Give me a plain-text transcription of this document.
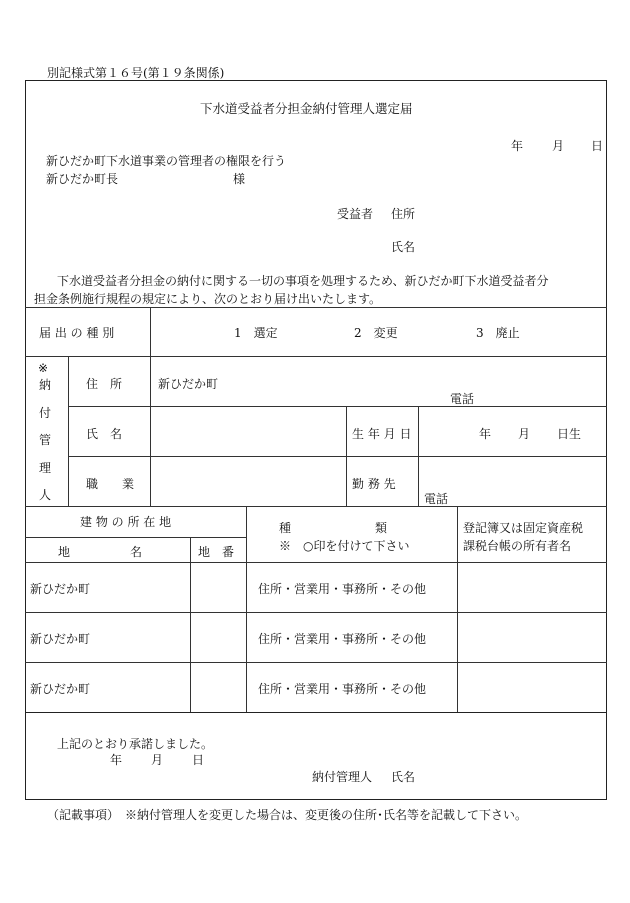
別記様式第１６号(第１９条関係)
下水道受益者分担金納付管理人選定届
年 月 日
新ひだか町下水道事業の管理者の権限を行う
新ひだか町長	様
受益者 住所
氏名
下水道受益者分担金の納付に関する一切の事項を処理するため、新ひだか町下水道受益者分
担金条例施行規程の規定により、次のとおり届け出いたします。
届 出 の 種 別	1　選定	2　変更	3　廃止
※
納
付
管
理
人
住　所	新ひだか町
電話
氏　名	生 年 月 日	年 月 日生
職　　業	勤 務 先
電話
建 物 の 所 在 地
地　　　　　名	地　番
種　　　　　　　類
※　○印を付けて下さい
登記簿又は固定資産税
課税台帳の所有者名
新ひだか町	住所・営業用・事務所・その他
新ひだか町	住所・営業用・事務所・その他
新ひだか町	住所・営業用・事務所・その他
上記のとおり承諾しました。
年 月 日
納付管理人 氏名
（記載事項）　※納付管理人を変更した場合は、変更後の住所･氏名等を記載して下さい。
